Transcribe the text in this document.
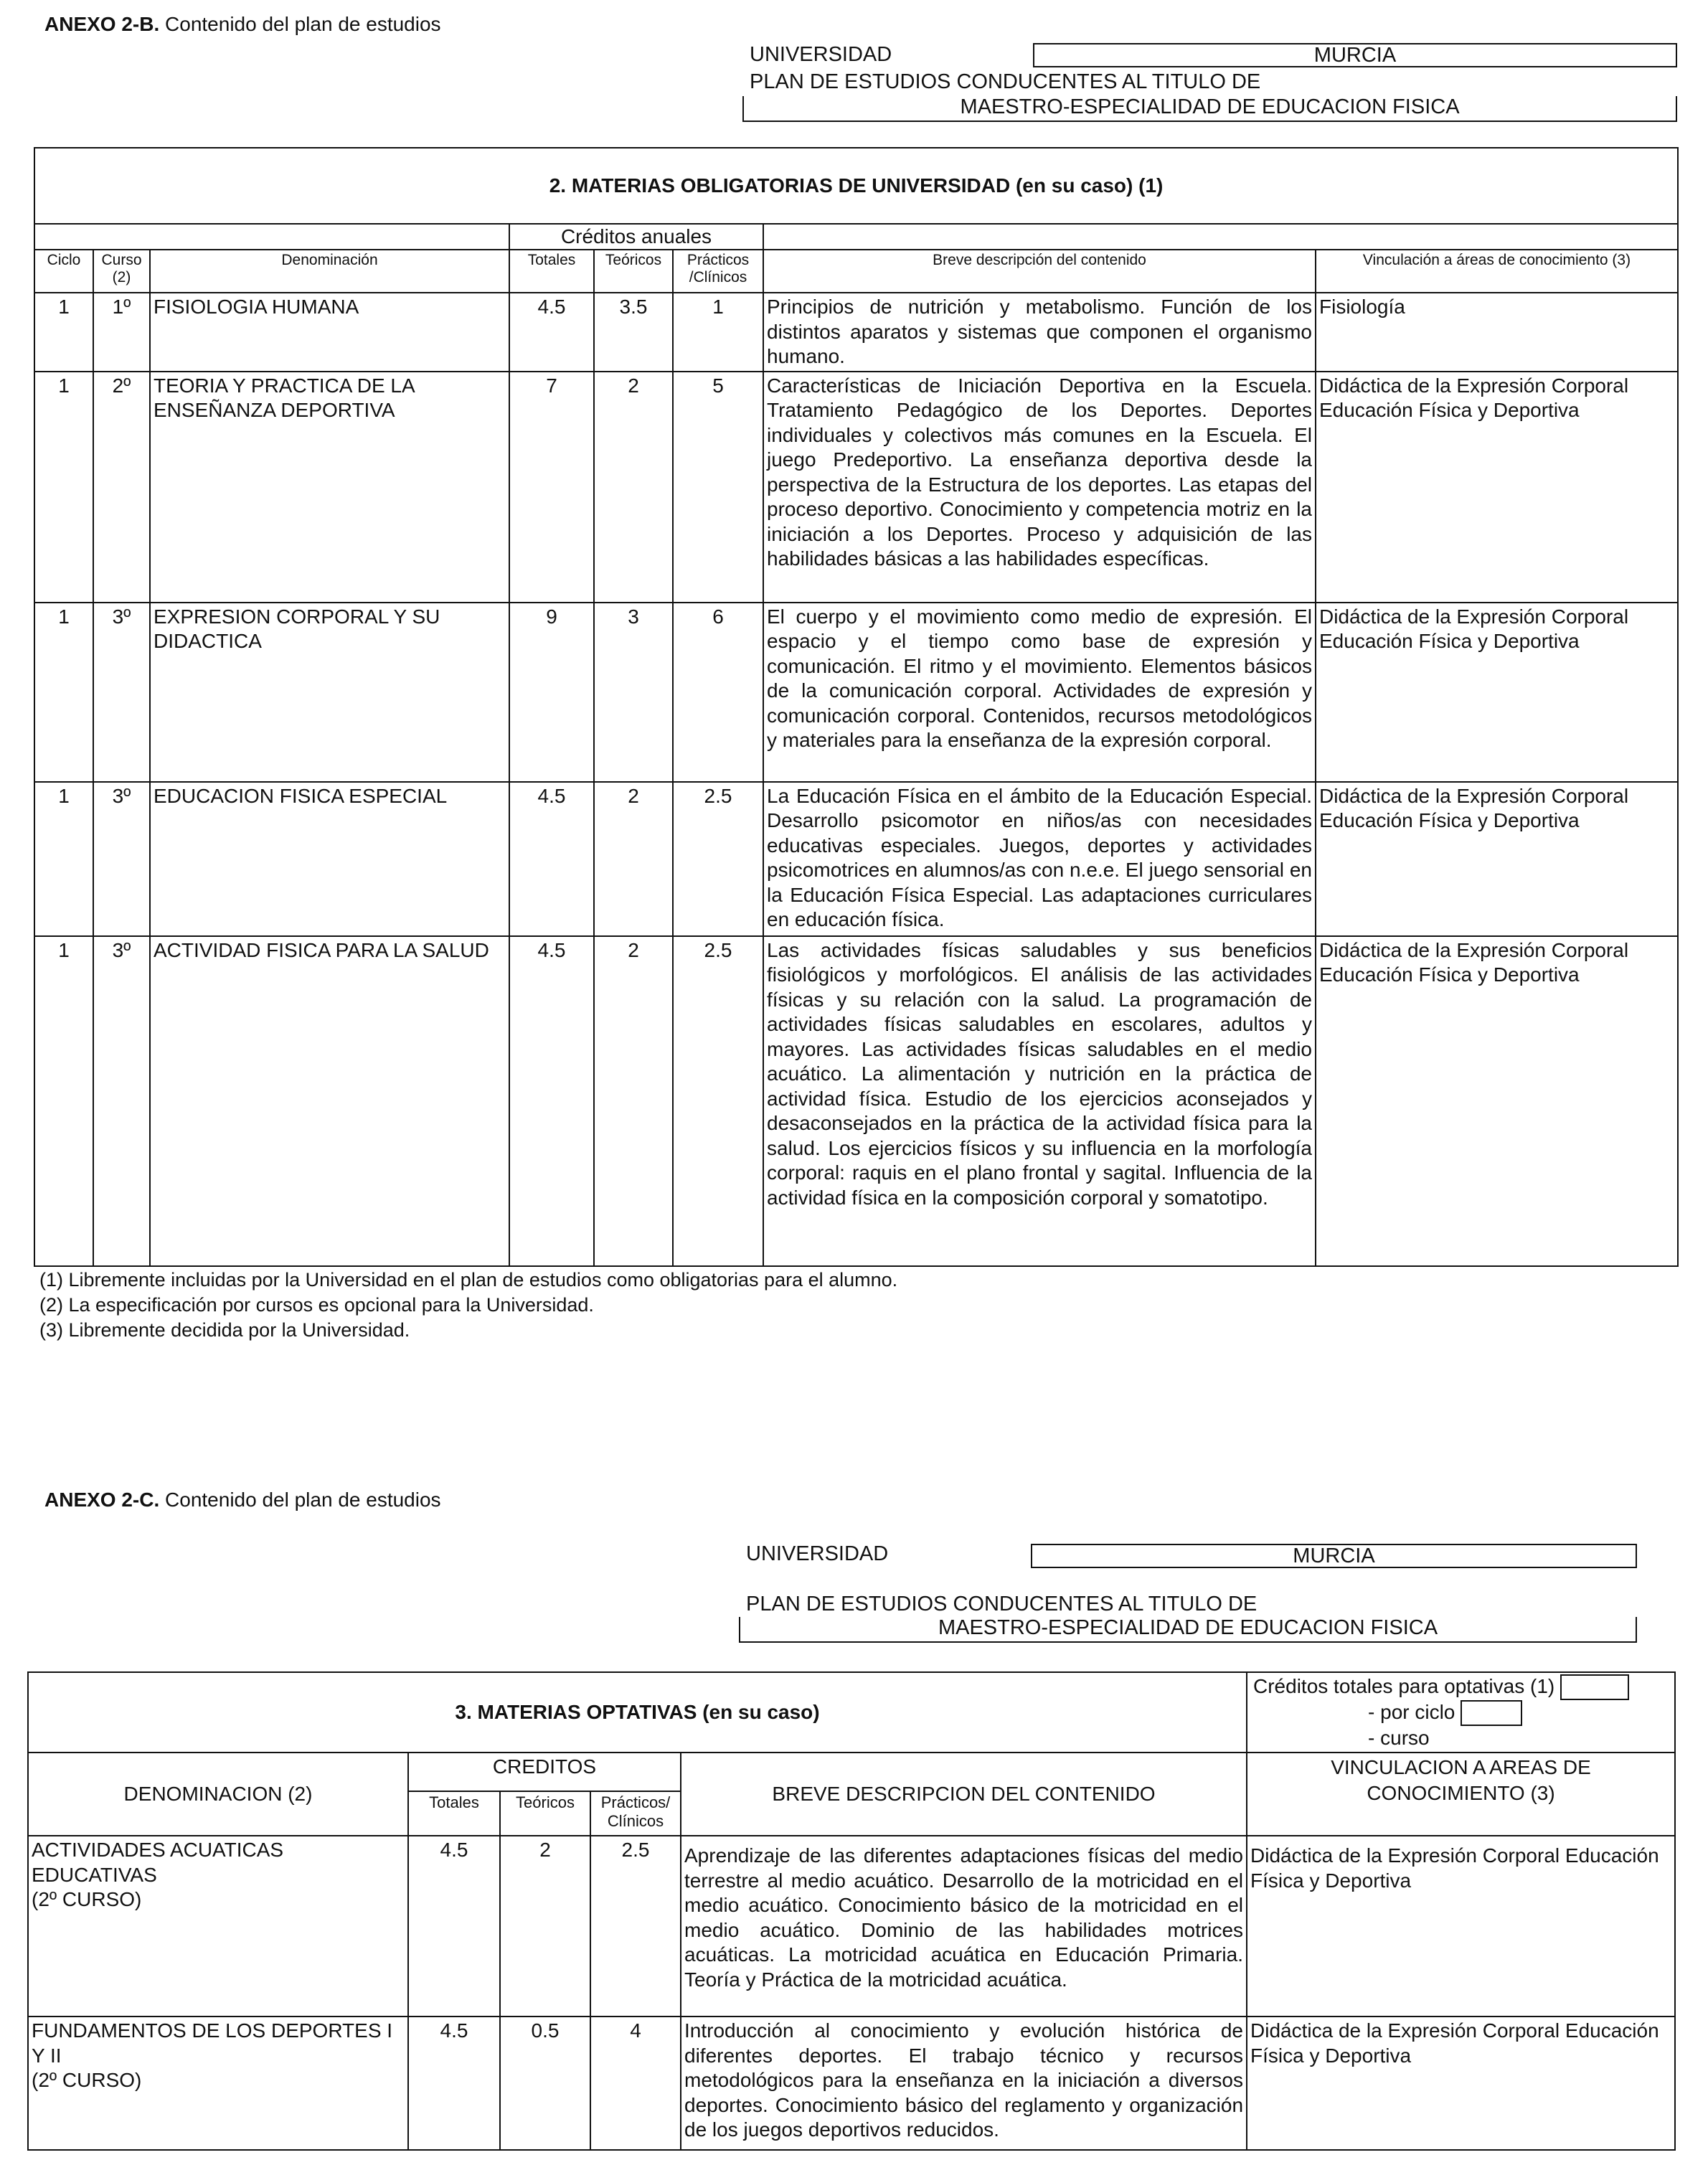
ANEXO 2-B. Contenido del plan de estudios
UNIVERSIDAD	MURCIA
PLAN DE ESTUDIOS CONDUCENTES AL TITULO DE
MAESTRO-ESPECIALIDAD DE EDUCACION FISICA
2. MATERIAS OBLIGATORIAS DE UNIVERSIDAD (en su caso) (1)							
			Créditos anuales				
Ciclo	Curso (2)	Denominación	Totales	Teóricos	Prácticos /Clínicos	Breve descripción del contenido	Vinculación a áreas de conocimiento (3)
1	1º	FISIOLOGIA HUMANA	4.5	3.5	1	Principios de nutrición y metabolismo. Función de los distintos aparatos y sistemas que componen el organismo humano.	Fisiología
1	2º	TEORIA Y PRACTICA DE LA ENSEÑANZA DEPORTIVA	7	2	5	Características de Iniciación Deportiva en la Escuela. Tratamiento Pedagógico de los Deportes. Deportes individuales y colectivos más comunes en la Escuela. El juego Predeportivo. La enseñanza deportiva desde la perspectiva de la Estructura de los deportes. Las etapas del proceso deportivo. Conocimiento y competencia motriz en la iniciación a los Deportes. Proceso y adquisición de las habilidades básicas a las habilidades específicas.	Didáctica de la Expresión Corporal Educación Física y Deportiva
1	3º	EXPRESION CORPORAL Y SU DIDACTICA	9	3	6	El cuerpo y el movimiento como medio de expresión. El espacio y el tiempo como base de expresión y comunicación. El ritmo y el movimiento. Elementos básicos de la comunicación corporal. Actividades de expresión y comunicación corporal. Contenidos, recursos metodológicos y materiales para la enseñanza de la expresión corporal.	Didáctica de la Expresión Corporal Educación Física y Deportiva
1	3º	EDUCACION FISICA ESPECIAL	4.5	2	2.5	La Educación Física en el ámbito de la Educación Especial. Desarrollo psicomotor en niños/as con necesidades educativas especiales. Juegos, deportes y actividades psicomotrices en alumnos/as con n.e.e. El juego sensorial en la Educación Física Especial. Las adaptaciones curriculares en educación física.	Didáctica de la Expresión Corporal Educación Física y Deportiva
1	3º	ACTIVIDAD FISICA PARA LA SALUD	4.5	2	2.5	Las actividades físicas saludables y sus beneficios fisiológicos y morfológicos. El análisis de las actividades físicas y su relación con la salud. La programación de actividades físicas saludables en escolares, adultos y mayores. Las actividades físicas saludables en el medio acuático. La alimentación y nutrición en la práctica de actividad física. Estudio de los ejercicios aconsejados y desaconsejados en la práctica de la actividad física para la salud. Los ejercicios físicos y su influencia en la morfología corporal: raquis en el plano frontal y sagital. Influencia de la actividad física en la composición corporal y somatotipo.	Didáctica de la Expresión Corporal Educación Física y Deportiva
(1) Libremente incluidas por la Universidad en el plan de estudios como obligatorias para el alumno.
(2) La especificación por cursos es opcional para la Universidad.
(3) Libremente decidida por la Universidad.
ANEXO 2-C. Contenido del plan de estudios
UNIVERSIDAD	MURCIA
PLAN DE ESTUDIOS CONDUCENTES AL TITULO DE
MAESTRO-ESPECIALIDAD DE EDUCACION FISICA
3. MATERIAS OPTATIVAS (en su caso)					Créditos totales para optativas (1)
- por ciclo
- curso

DENOMINACION (2)	CREDITOS			BREVE DESCRIPCION DEL CONTENIDO	VINCULACION A AREAS DE CONOCIMIENTO (3)
	Totales	Teóricos	Prácticos/ Clínicos		

ACTIVIDADES ACUATICAS EDUCATIVAS
(2º CURSO)	4.5	2	2.5	Aprendizaje de las diferentes adaptaciones físicas del medio terrestre al medio acuático. Desarrollo de la motricidad en el medio acuático. Conocimiento básico de la motricidad en el medio acuático. Dominio de las habilidades motrices acuáticas. La motricidad acuática en Educación Primaria. Teoría y Práctica de la motricidad acuática.	Didáctica de la Expresión Corporal Educación Física y Deportiva

FUNDAMENTOS DE LOS DEPORTES I Y II
(2º CURSO)	4.5	0.5	4	Introducción al conocimiento y evolución histórica de diferentes deportes. El trabajo técnico y recursos metodológicos para la enseñanza en la iniciación a diversos deportes. Conocimiento básico del reglamento y organización de los juegos deportivos reducidos.	Didáctica de la Expresión Corporal Educación Física y Deportiva
